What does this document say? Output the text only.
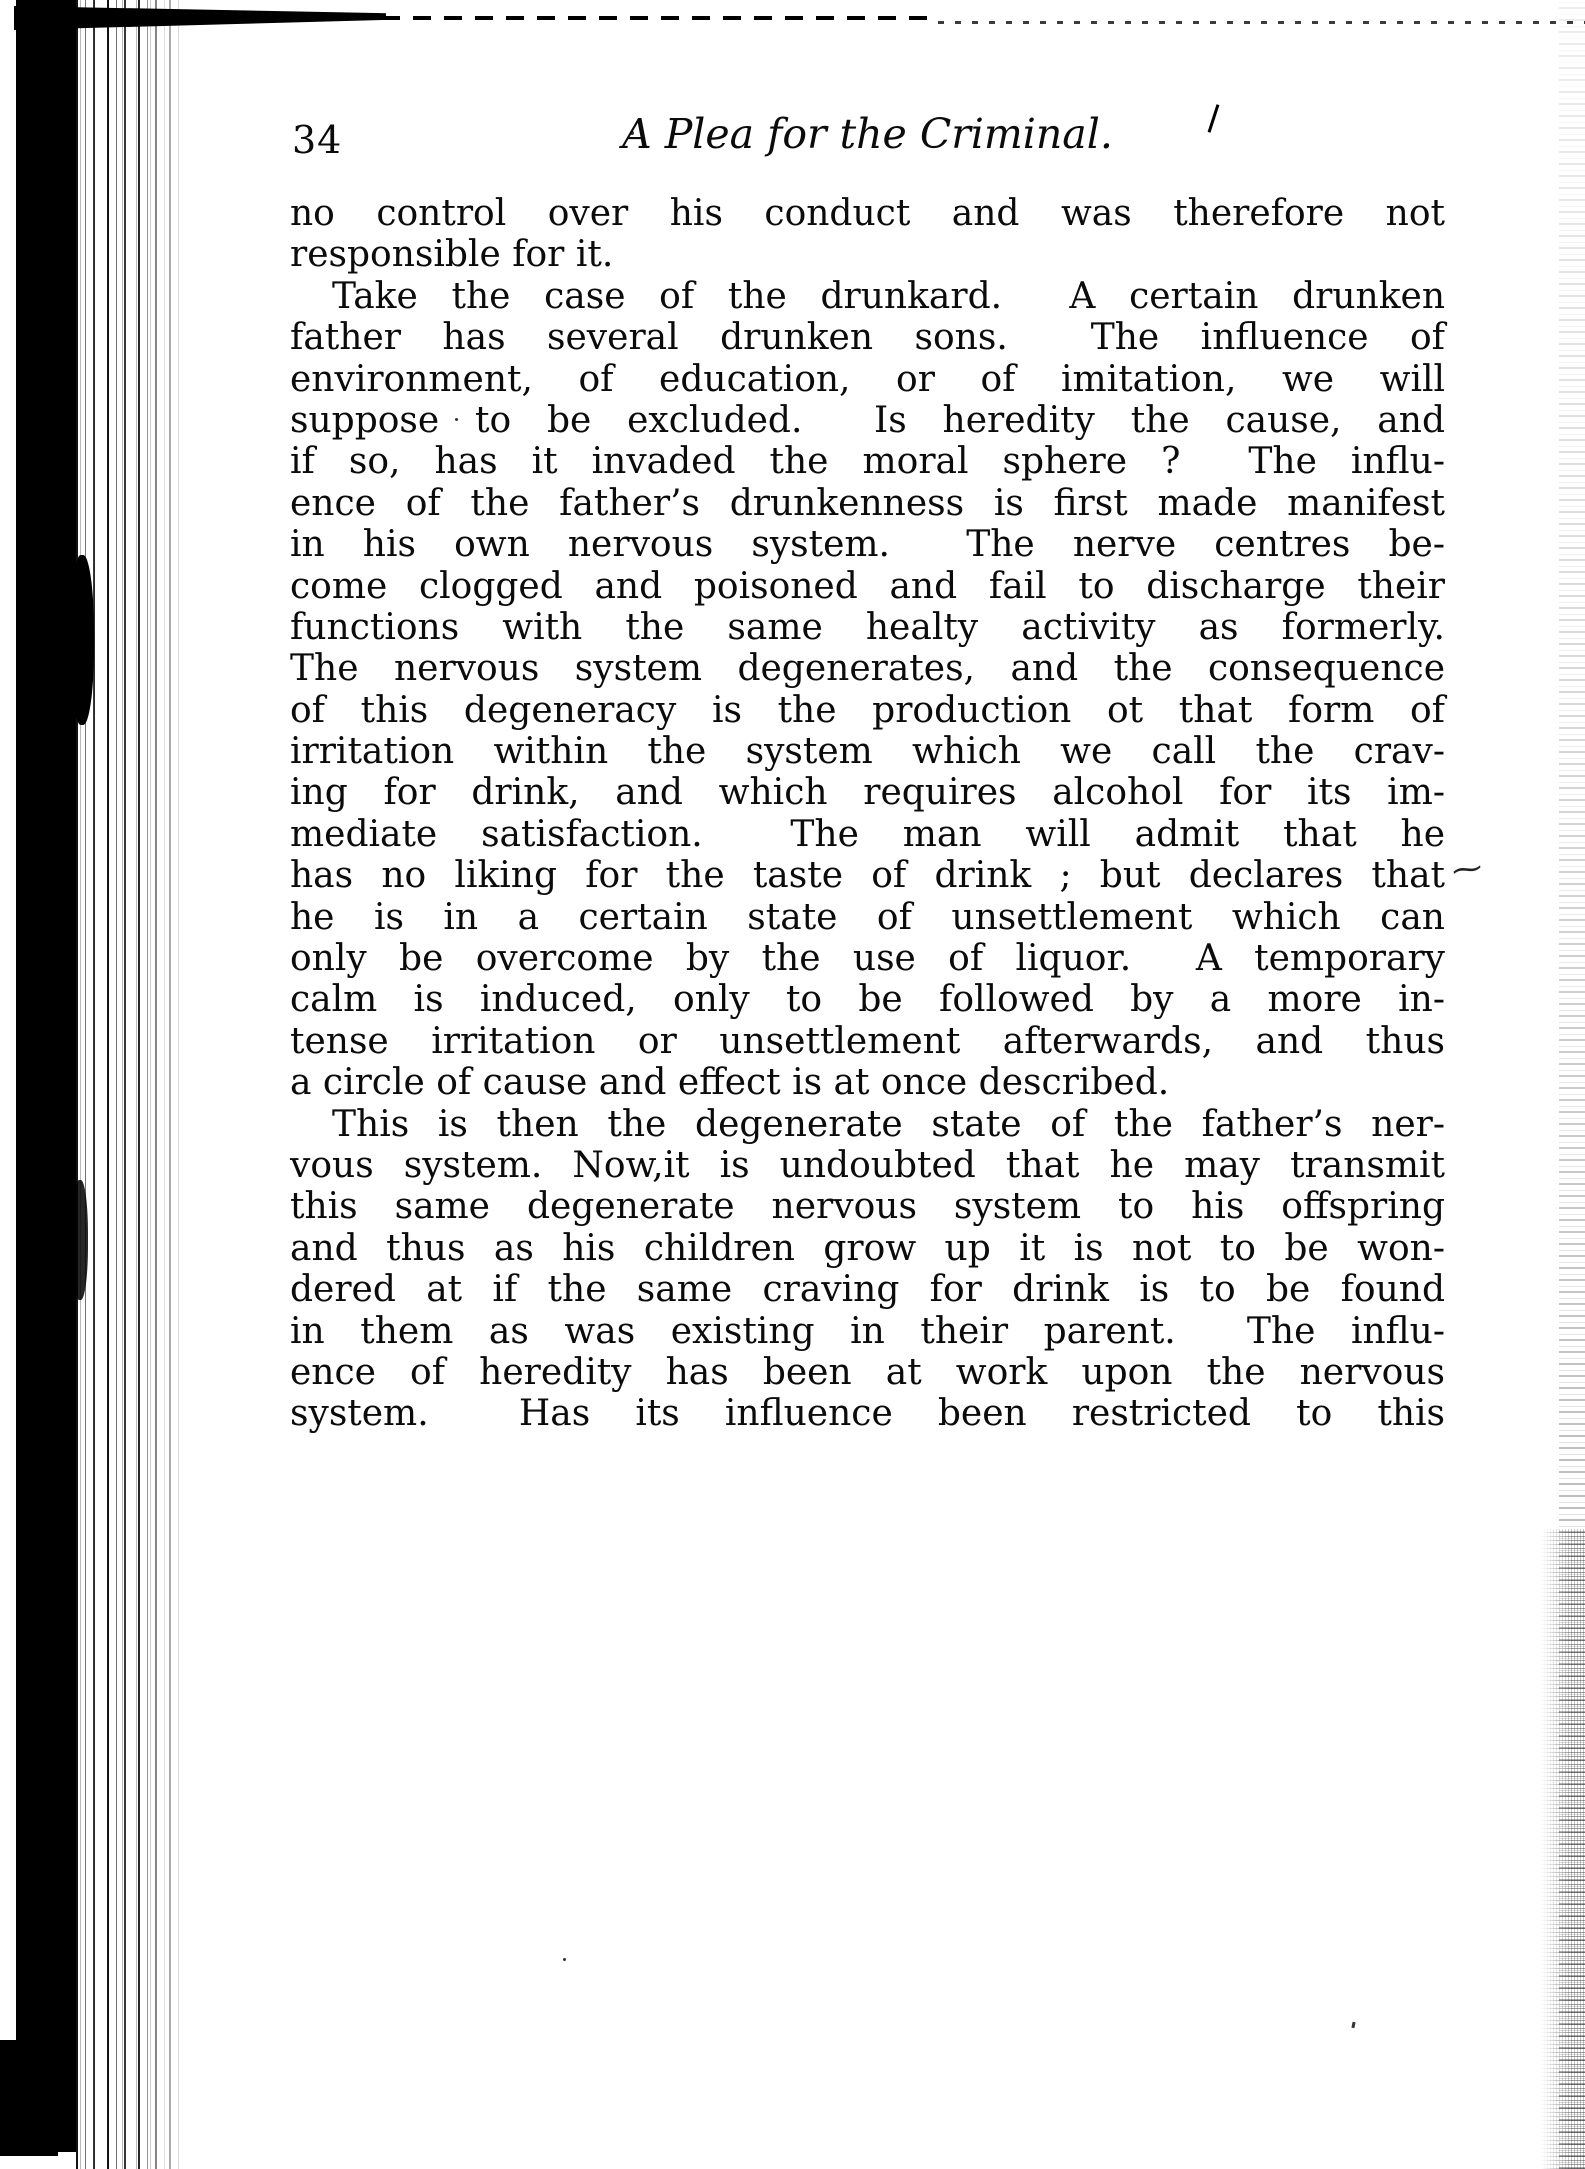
⁓
34	A Plea for the Criminal.
no control over his conduct and was therefore not
responsible for it.
Take the case of the drunkard.  A certain drunken
father has several drunken sons.  The influence of
environment, of education, or of imitation, we will
suppose to be excluded.  Is heredity the cause, and
if so, has it invaded the moral sphere ?  The influ-
ence of the father’s drunkenness is first made manifest
in his own nervous system.  The nerve centres be-
come clogged and poisoned and fail to discharge their
functions with the same healty activity as formerly.
The nervous system degenerates, and the consequence
of this degeneracy is the production ot that form of
irritation within the system which we call the crav-
ing for drink, and which requires alcohol for its im-
mediate satisfaction.  The man will admit that he
has no liking for the taste of drink ; but declares that
he is in a certain state of unsettlement which can
only be overcome by the use of liquor.  A temporary
calm is induced, only to be followed by a more in-
tense irritation or unsettlement afterwards, and thus
a circle of cause and effect is at once described.
This is then the degenerate state of the father’s ner-
vous system. Now,it is undoubted that he may transmit
this same degenerate nervous system to his offspring
and thus as his children grow up it is not to be won-
dered at if the same craving for drink is to be found
in them as was existing in their parent.  The influ-
ence of heredity has been at work upon the nervous
system.  Has its influence been restricted to this
